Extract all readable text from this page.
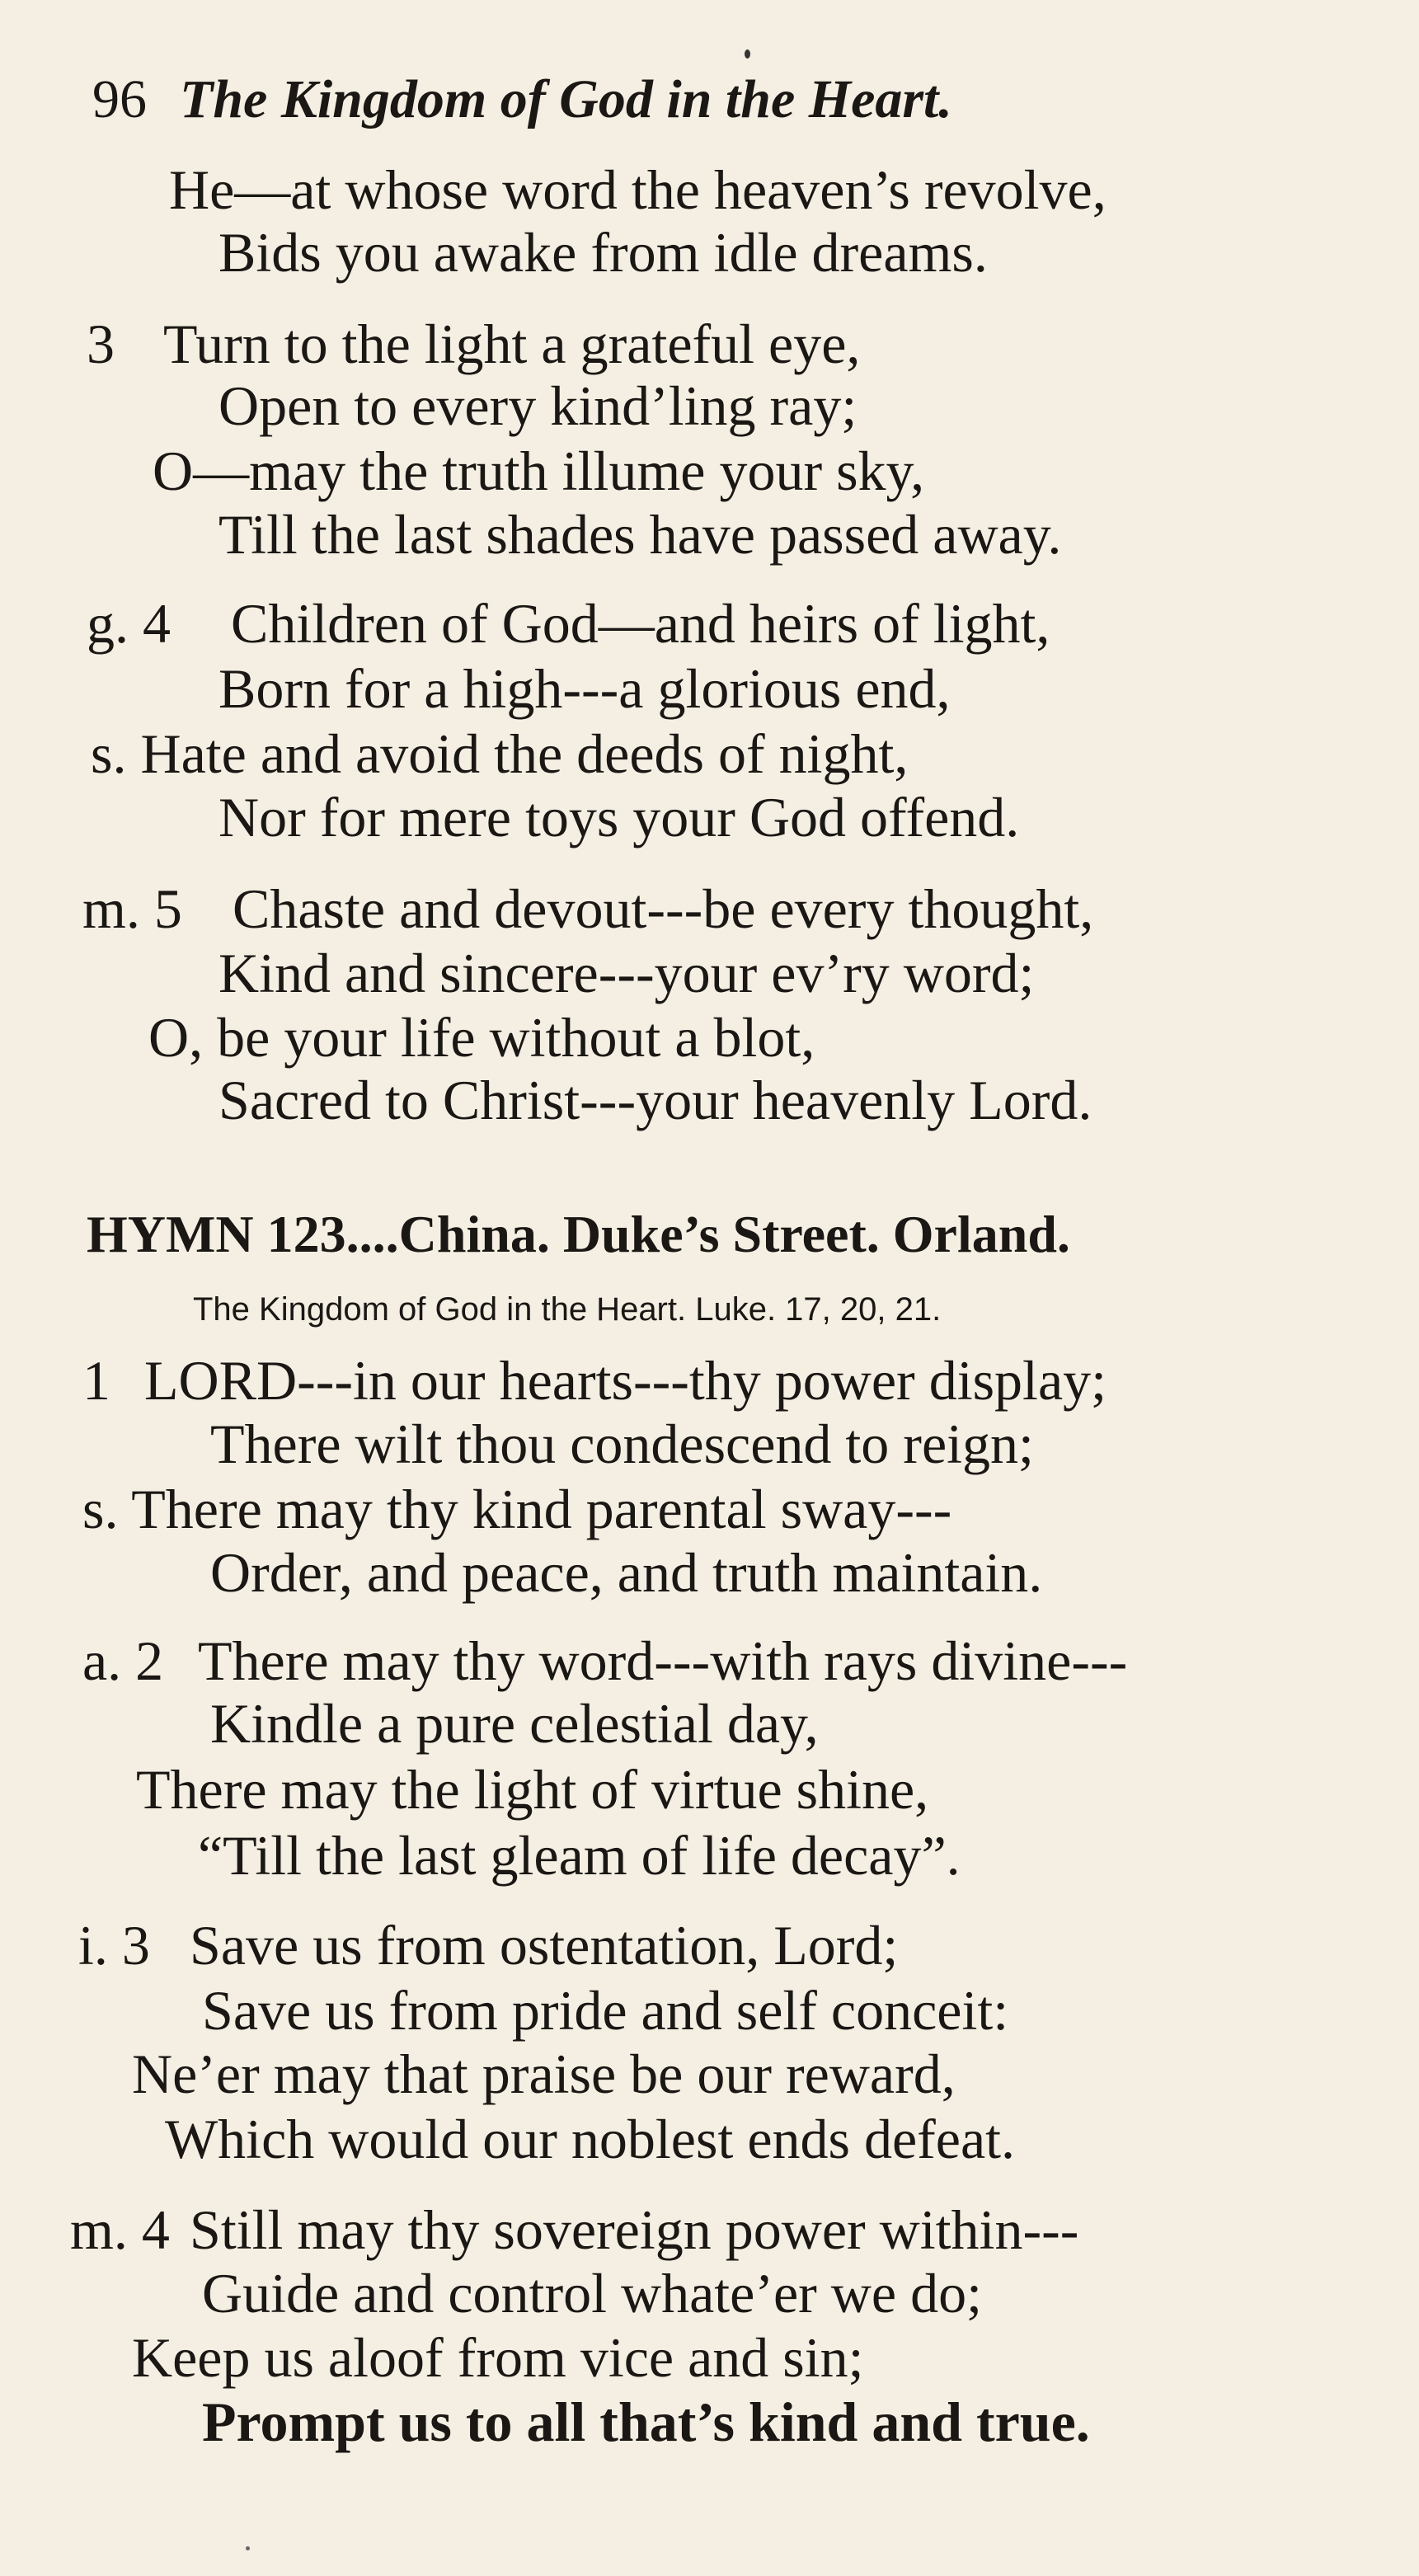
96 The Kingdom of God in the Heart.
He—at whose word the heaven’s revolve,
Bids you awake from idle dreams.
3 Turn to the light a grateful eye,
Open to every kind’ling ray;
O—may the truth illume your sky,
Till the last shades have passed away.
g. 4 Children of God—and heirs of light,
Born for a high---a glorious end,
s. Hate and avoid the deeds of night,
Nor for mere toys your God offend.
m. 5 Chaste and devout---be every thought,
Kind and sincere---your ev’ry word;
O, be your life without a blot,
Sacred to Christ---your heavenly Lord.
HYMN 123....China. Duke’s Street. Orland.
The Kingdom of God in the Heart. Luke. 17, 20, 21.
1 LORD---in our hearts---thy power display;
There wilt thou condescend to reign;
s. There may thy kind parental sway---
Order, and peace, and truth maintain.
a. 2 There may thy word---with rays divine---
Kindle a pure celestial day,
There may the light of virtue shine,
“Till the last gleam of life decay”.
i. 3 Save us from ostentation, Lord;
Save us from pride and self conceit:
Ne’er may that praise be our reward,
Which would our noblest ends defeat.
m. 4 Still may thy sovereign power within---
Guide and control whate’er we do;
Keep us aloof from vice and sin;
Prompt us to all that’s kind and true.
